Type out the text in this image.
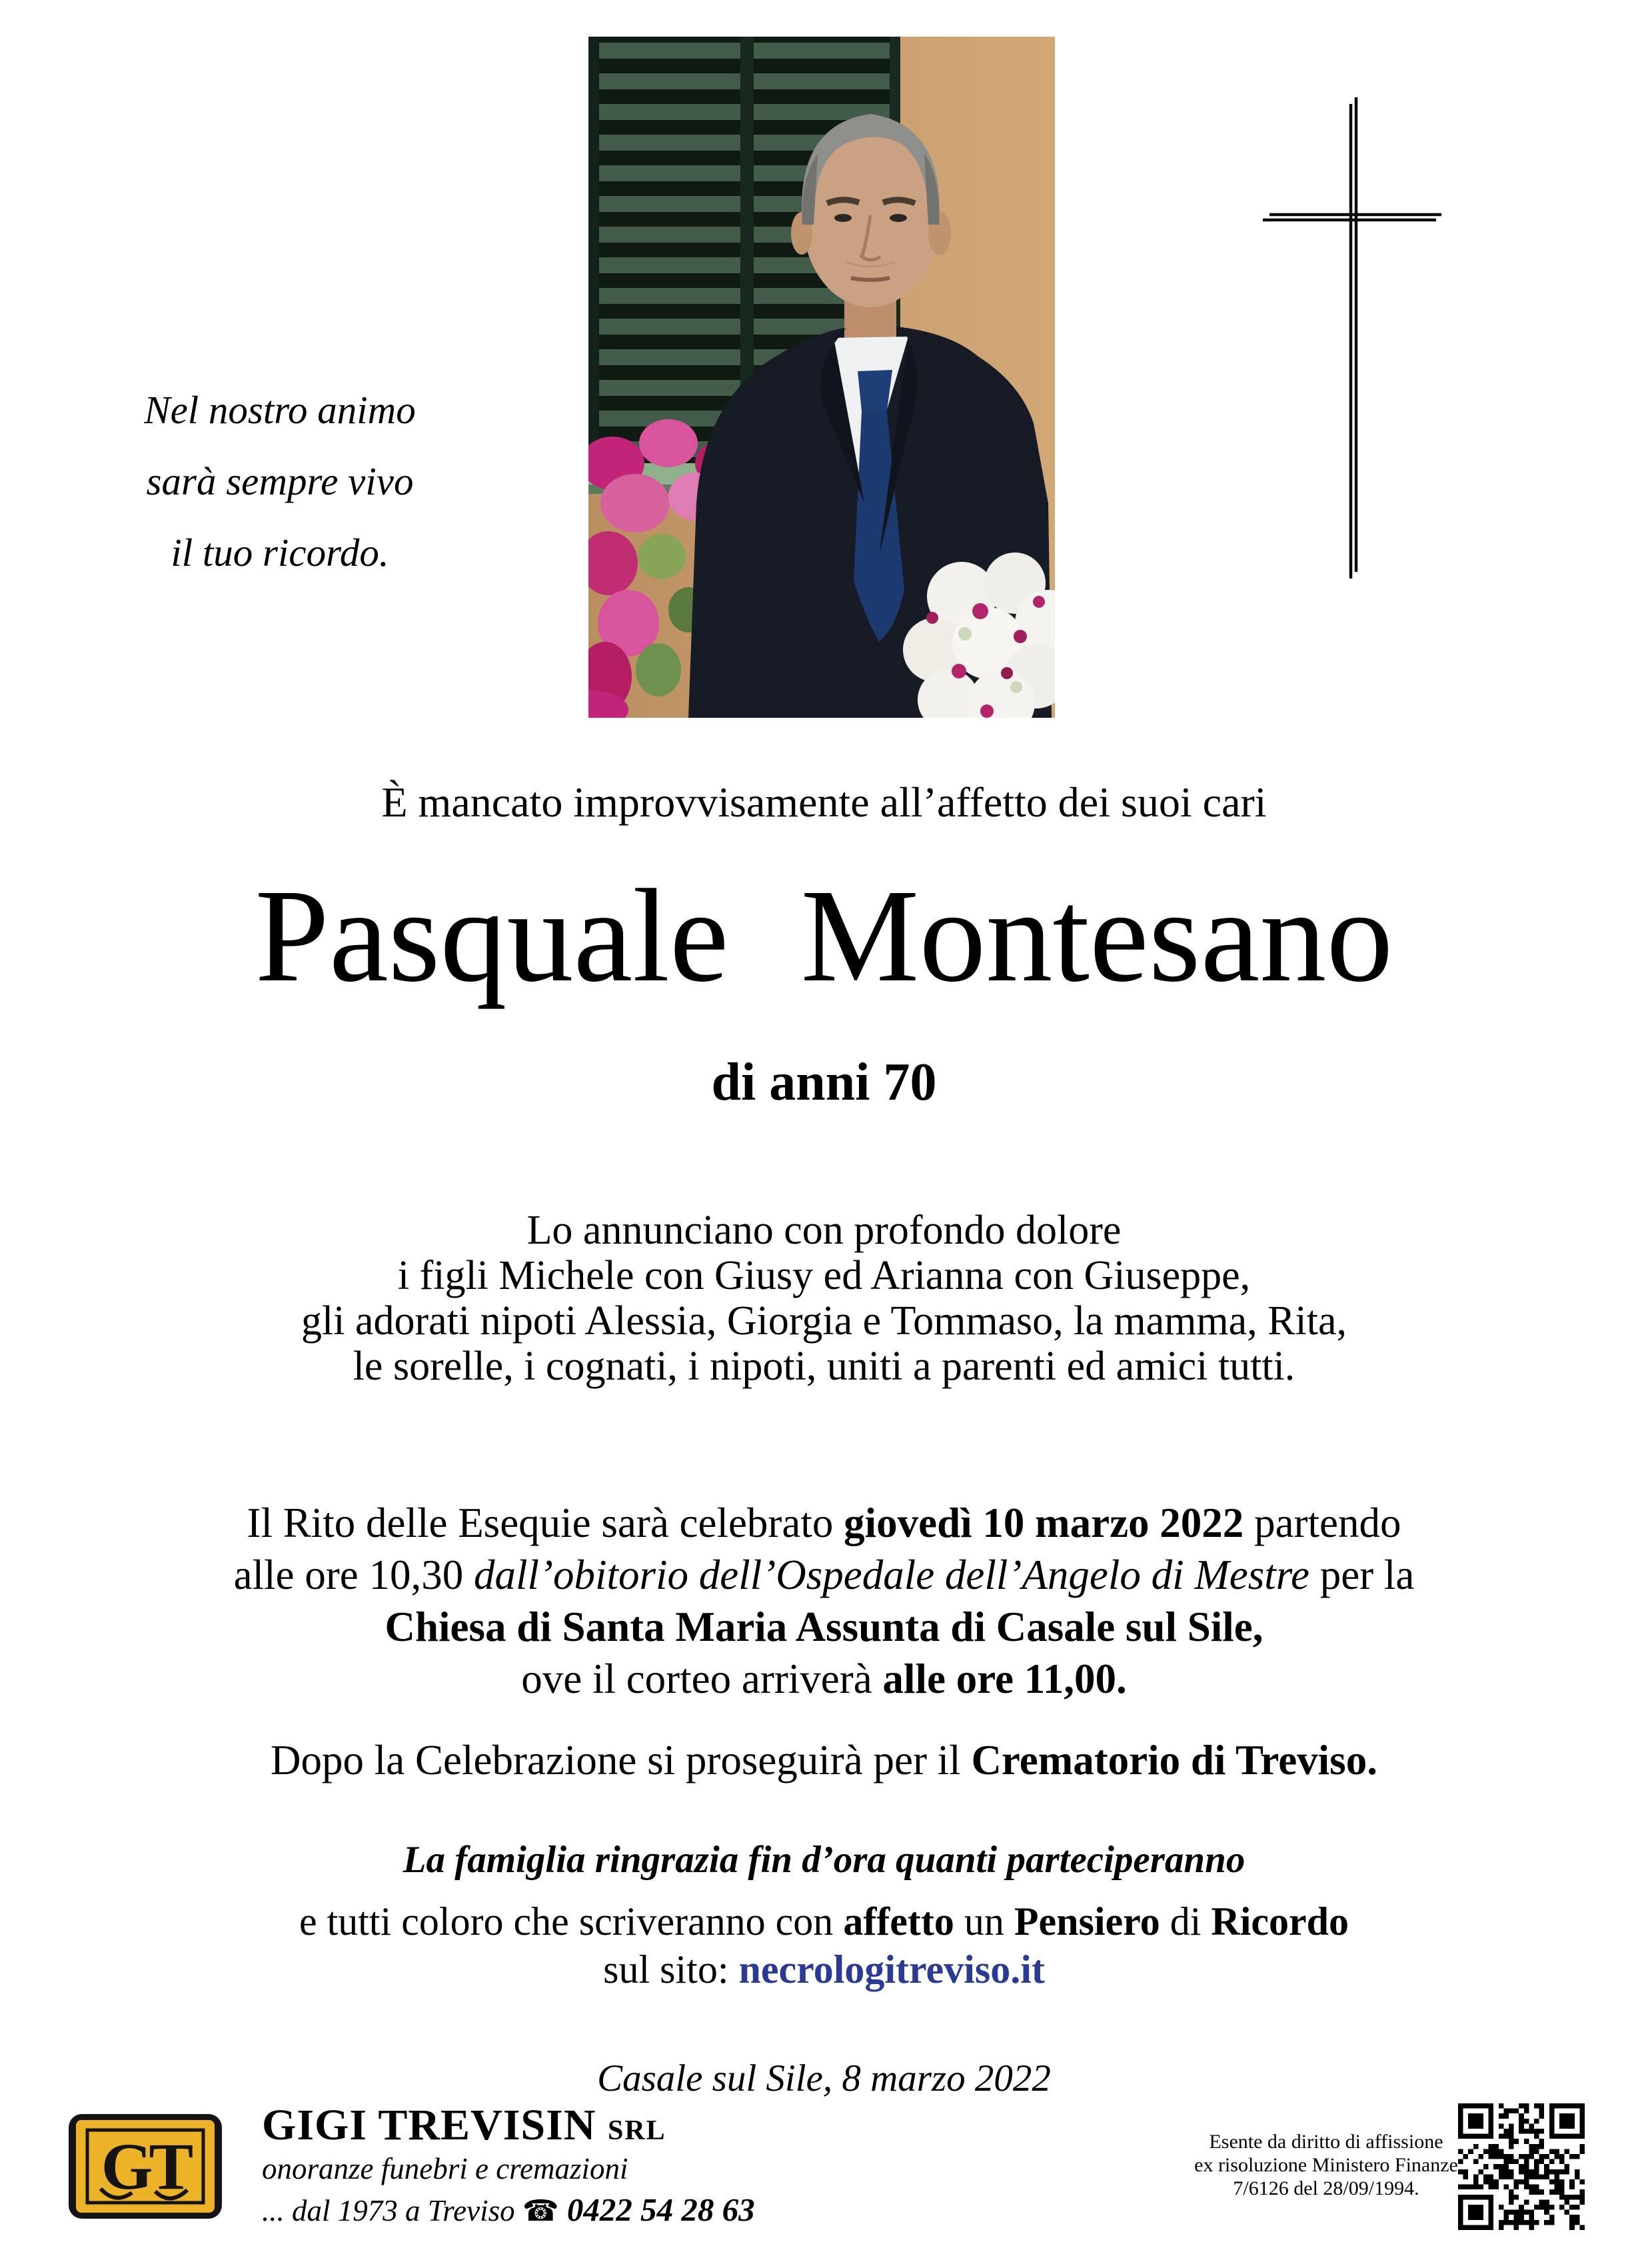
Nel nostro animo
sarà sempre vivo
il tuo ricordo.
È mancato improvvisamente all’affetto dei suoi cari
Pasquale Montesano
di anni 70
Lo annunciano con profondo dolore
i figli Michele con Giusy ed Arianna con Giuseppe,
gli adorati nipoti Alessia, Giorgia e Tommaso, la mamma, Rita,
le sorelle, i cognati, i nipoti, uniti a parenti ed amici tutti.
Il Rito delle Esequie sarà celebrato giovedì 10 marzo 2022 partendo
alle ore 10,30 dall’obitorio dell’Ospedale dell’Angelo di Mestre per la
Chiesa di Santa Maria Assunta di Casale sul Sile,
ove il corteo arriverà alle ore 11,00.
Dopo la Celebrazione si proseguirà per il Crematorio di Treviso.
La famiglia ringrazia fin d’ora quanti parteciperanno
e tutti coloro che scriveranno con affetto un Pensiero di Ricordo
sul sito: necrologitreviso.it
Casale sul Sile, 8 marzo 2022
GT
GIGI TREVISIN SRL
onoranze funebri e cremazioni
... dal 1973 a Treviso ☎ 0422 54 28 63
Esente da diritto di affissione
ex risoluzione Ministero Finanze
7/6126 del 28/09/1994.
